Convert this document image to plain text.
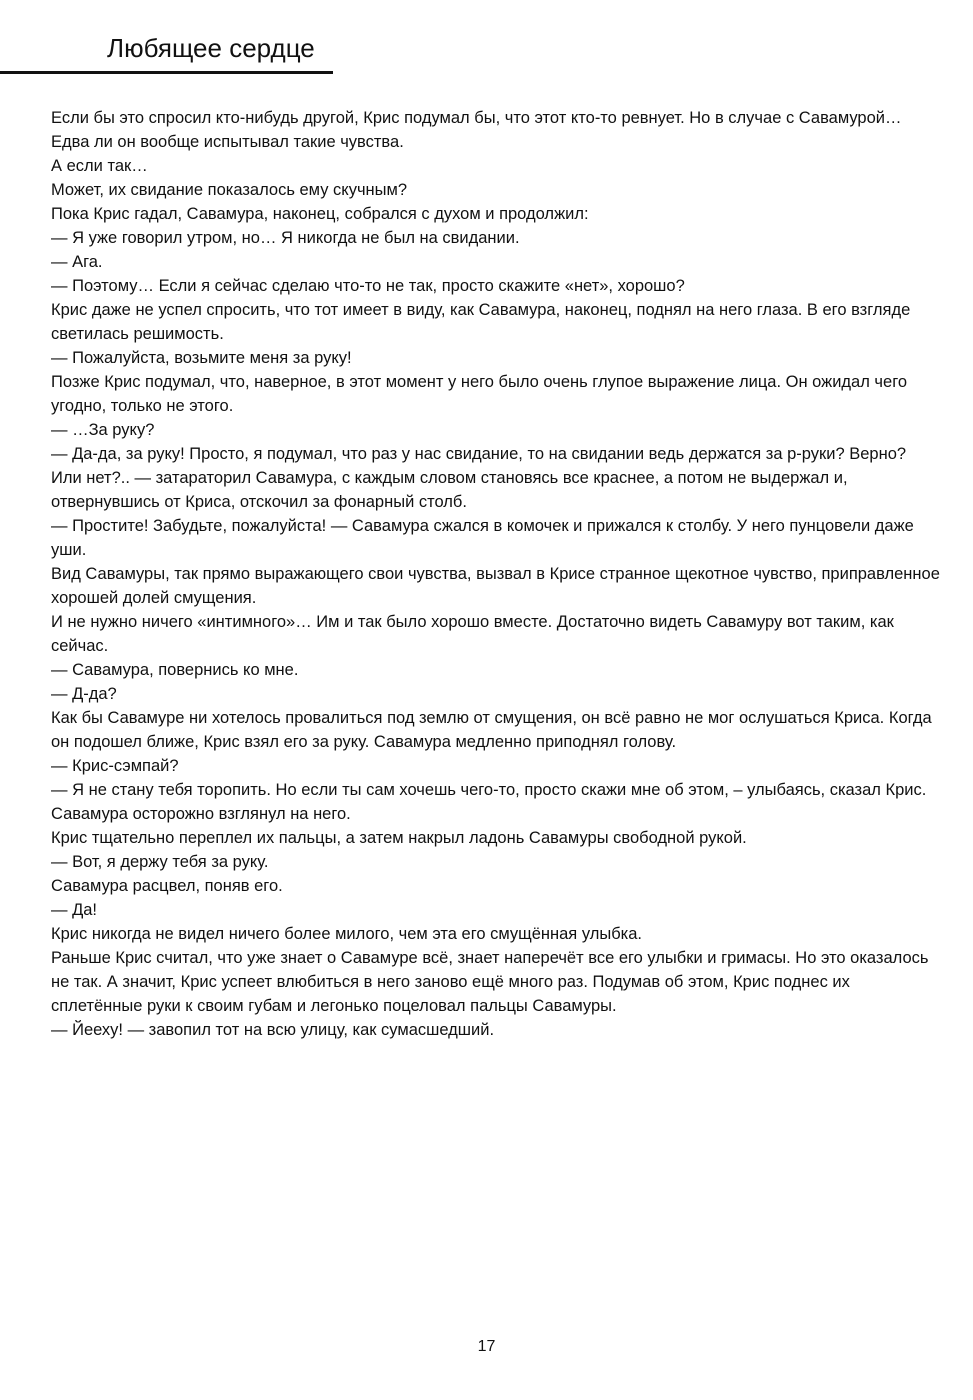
Любящее сердце

Если бы это спросил кто-нибудь другой, Крис подумал бы, что этот кто-то ревнует. Но в случае с Савамурой… Едва ли он вообще испытывал такие чувства.

А если так…

Может, их свидание показалось ему скучным?

Пока Крис гадал, Савамура, наконец, собрался с духом и продолжил:

— Я уже говорил утром, но… Я никогда не был на свидании.

— Ага.

— Поэтому… Если я сейчас сделаю что-то не так, просто скажите «нет», хорошо?

Крис даже не успел спросить, что тот имеет в виду, как Савамура, наконец, поднял на него глаза. В его взгляде светилась решимость.

— Пожалуйста, возьмите меня за руку!

Позже Крис подумал, что, наверное, в этот момент у него было очень глупое выражение лица. Он ожидал чего угодно, только не этого.

— …За руку?

— Да-да, за руку! Просто, я подумал, что раз у нас свидание, то на свидании ведь держатся за р-руки? Верно? Или нет?.. — затараторил Савамура, с каждым словом становясь все краснее, а потом не выдержал и, отвернувшись от Криса, отскочил за фонарный столб.

— Простите! Забудьте, пожалуйста! — Савамура сжался в комочек и прижался к столбу. У него пунцовели даже уши.

Вид Савамуры, так прямо выражающего свои чувства, вызвал в Крисе странное щекотное чувство, приправленное хорошей долей смущения.

И не нужно ничего «интимного»… Им и так было хорошо вместе. Достаточно видеть Савамуру вот таким, как сейчас.

— Савамура, повернись ко мне.

— Д-да?

Как бы Савамуре ни хотелось провалиться под землю от смущения, он всё равно не мог ослушаться Криса. Когда он подошел ближе, Крис взял его за руку. Савамура медленно приподнял голову.

— Крис-сэмпай?

— Я не стану тебя торопить. Но если ты сам хочешь чего-то, просто скажи мне об этом, – улыбаясь, сказал Крис. Савамура осторожно взглянул на него.

Крис тщательно переплел их пальцы, а затем накрыл ладонь Савамуры свободной рукой.

— Вот, я держу тебя за руку.

Савамура расцвел, поняв его.

— Да!

Крис никогда не видел ничего более милого, чем эта его смущённая улыбка.

Раньше Крис считал, что уже знает о Савамуре всё, знает наперечёт все его улыбки и гримасы. Но это оказалось не так. А значит, Крис успеет влюбиться в него заново ещё много раз. Подумав об этом, Крис поднес их сплетённые руки к своим губам и легонько поцеловал пальцы Савамуры.

— Йееху! — завопил тот на всю улицу, как сумасшедший.

17
